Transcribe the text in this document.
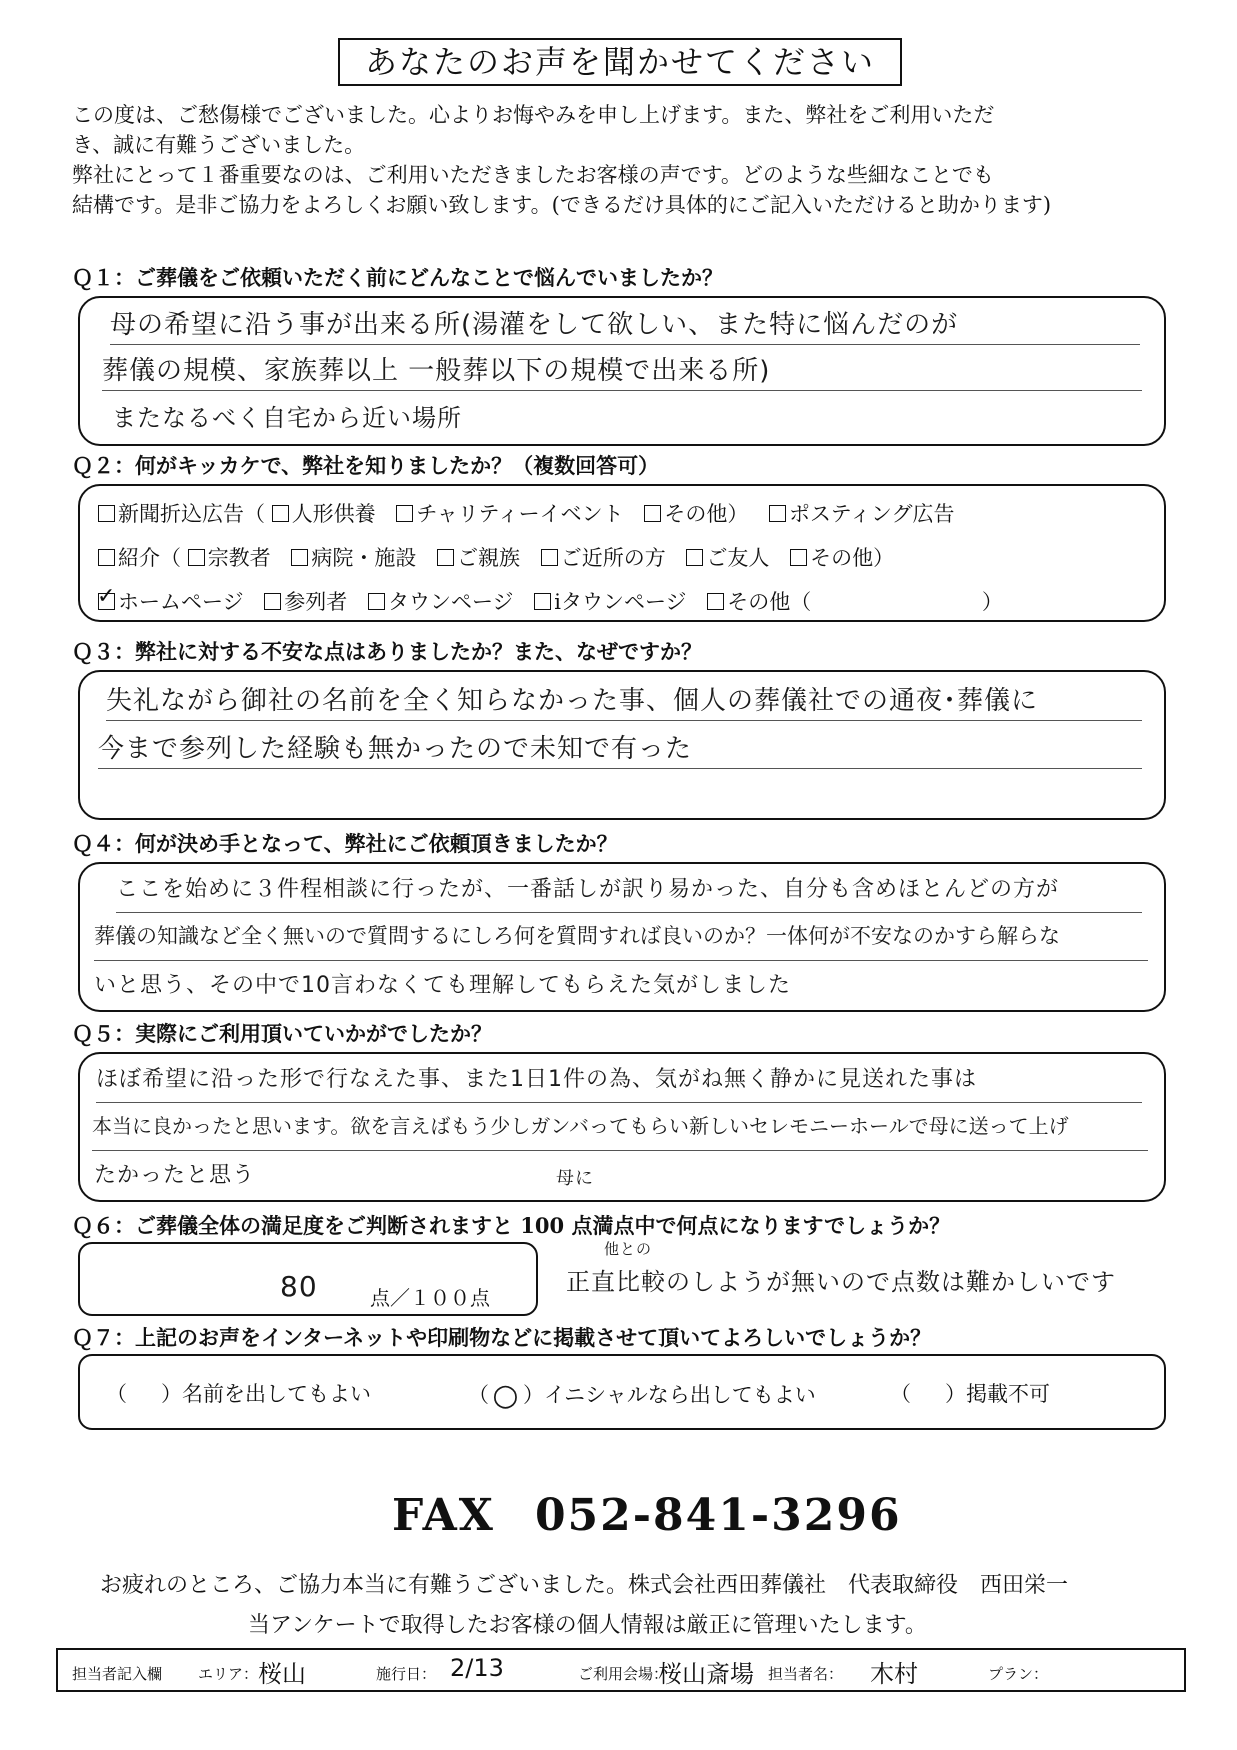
あなたのお声を聞かせてください
この度は、ご愁傷様でございました。心よりお悔やみを申し上げます。また、弊社をご利用いただ
き、誠に有難うございました。
弊社にとって１番重要なのは、ご利用いただきましたお客様の声です。どのような些細なことでも
結構です。是非ご協力をよろしくお願い致します。(できるだけ具体的にご記入いただけると助かります)
Ｑ１：ご葬儀をご依頼いただく前にどんなことで悩んでいましたか？
母の希望に沿う事が出来る所(湯灌をして欲しい、また特に悩んだのが
葬儀の規模、家族葬以上 一般葬以下の規模で出来る所)
またなるべく自宅から近い場所
Ｑ２：何がキッカケで、弊社を知りましたか？（複数回答可）
新聞折込広告（ 人形供養 チャリティーイベント その他） ポスティング広告
紹介（ 宗教者 病院・施設 ご親族 ご近所の方 ご友人 その他）
✓ホームページ 参列者 タウンページ iタウンページ その他（	）
Ｑ３：弊社に対する不安な点はありましたか？また、なぜですか？
失礼ながら御社の名前を全く知らなかった事、個人の葬儀社での通夜･葬儀に
今まで参列した経験も無かったので未知で有った
Ｑ４：何が決め手となって、弊社にご依頼頂きましたか？
ここを始めに３件程相談に行ったが、一番話しが訳り易かった、自分も含めほとんどの方が
葬儀の知識など全く無いので質問するにしろ何を質問すれば良いのか？一体何が不安なのかすら解らな
いと思う、その中で10言わなくても理解してもらえた気がしました
Ｑ５：実際にご利用頂いていかがでしたか？
ほぼ希望に沿った形で行なえた事、また1日1件の為、気がね無く静かに見送れた事は
本当に良かったと思います。欲を言えばもう少しガンバってもらい新しいセレモニーホールで母に送って上げ
たかったと思う	母に
Ｑ６：ご葬儀全体の満足度をご判断されますと 100 点満点中で何点になりますでしょうか？
80	点／１００点
他との
正直比較のしようが無いので点数は難かしいです
Ｑ７：上記のお声をインターネットや印刷物などに掲載させて頂いてよろしいでしょうか？
（ ）名前を出してもよい	（ ○ ）イニシャルなら出してもよい	（ ）掲載不可
FAX 052-841-3296
お疲れのところ、ご協力本当に有難うございました。株式会社西田葬儀社　代表取締役　西田栄一
当アンケートで取得したお客様の個人情報は厳正に管理いたします。
担当者記入欄 エリア： 桜山	施行日： 2/13	ご利用会場：
桜山斎場 担当者名： 木村	プラン：
